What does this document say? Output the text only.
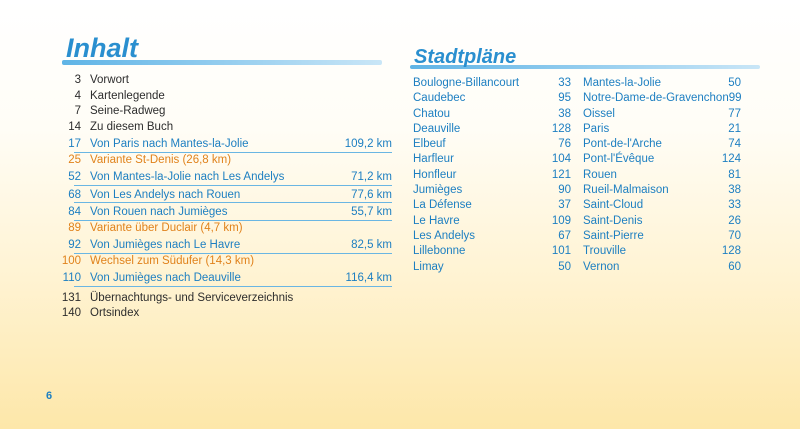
Inhalt	Stadtpläne
3 Vorwort
4 Kartenlegende
7 Seine-Radweg
14 Zu diesem Buch
17 Von Paris nach Mantes-la-Jolie	109,2 km
25 Variante St-Denis (26,8 km)
52 Von Mantes-la-Jolie nach Les Andelys	71,2 km
68 Von Les Andelys nach Rouen	77,6 km
84 Von Rouen nach Jumièges	55,7 km
89 Variante über Duclair (4,7 km)
92 Von Jumièges nach Le Havre	82,5 km
100 Wechsel zum Südufer (14,3 km)
110 Von Jumièges nach Deauville	116,4 km
131 Übernachtungs- und Serviceverzeichnis
140 Ortsindex
Boulogne-Billancourt	33
Caudebec	95
Chatou	38
Deauville	128
Elbeuf	76
Harfleur	104
Honfleur	121
Jumièges	90
La Défense	37
Le Havre	109
Les Andelys	67
Lillebonne	101
Limay	50
Mantes-la-Jolie	50
Notre-Dame-de-Gravenchon 99
Oissel	77
Paris	21
Pont-de-l'Arche	74
Pont-l'Évêque	124
Rouen	81
Rueil-Malmaison	38
Saint-Cloud	33
Saint-Denis	26
Saint-Pierre	70
Trouville	128
Vernon	60
6
